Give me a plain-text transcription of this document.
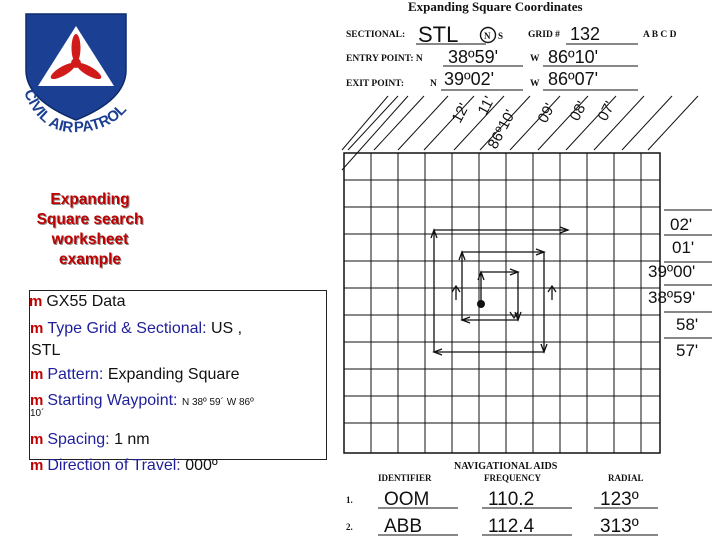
CIVIL AIR PATROL
Expanding Square search worksheet example
m GX55 Data
m Type Grid & Sectional: US ,
STL
m Pattern: Expanding Square
m Starting Waypoint: N 38º 59´ W 86º
10´
m Spacing: 1 nm
m Direction of Travel: 000º
Expanding Square Coordinates
SECTIONAL: STL	N S	GRID # 132	A B C D
ENTRY POINT: N 38º59'	W 86º10'
EXIT POINT:	N 39º02'	W 86º07'
12' 11'
86º10' 09' 08' 07'
02'
01'
39º00'
38º59'
58'
57'
NAVIGATIONAL AIDS
IDENTIFIER	FREQUENCY	RADIAL
1. OOM	110.2	123º
2. ABB	112.4	313º
